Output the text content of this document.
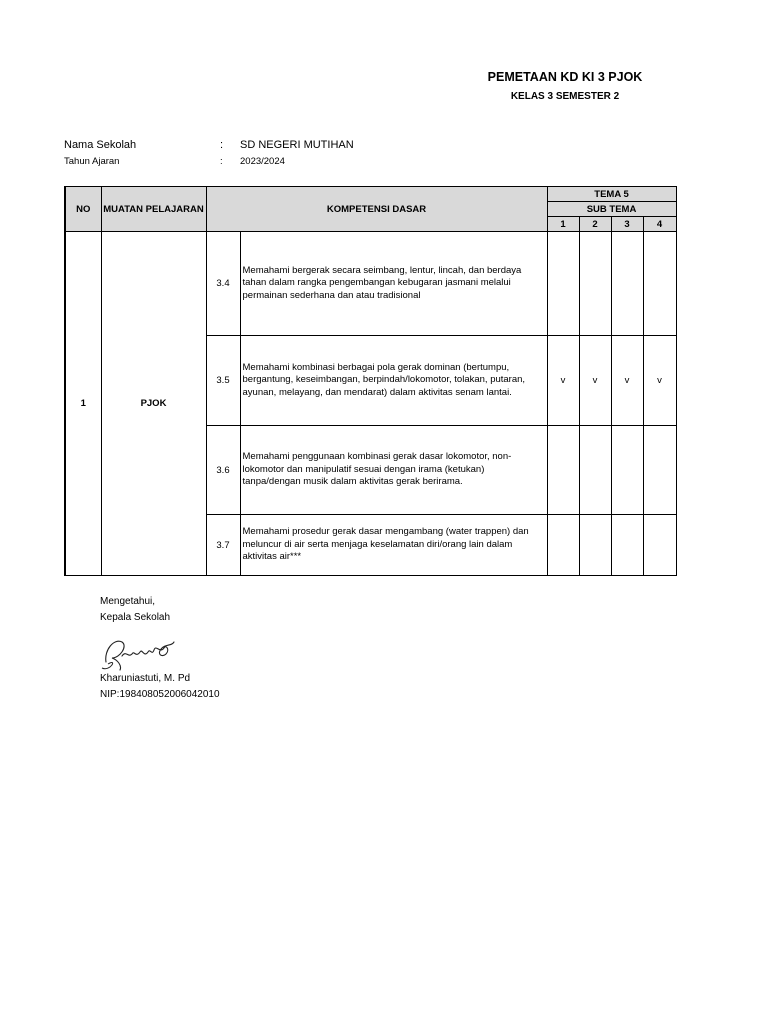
PEMETAAN KD KI 3 PJOK
KELAS 3 SEMESTER 2
Nama Sekolah	: SD NEGERI MUTIHAN
Tahun Ajaran	: 2023/2024
NO	MUATAN PELAJARAN	KOMPETENSI DASAR		TEMA 5			
				SUB TEMA			
				1	2	3	4
1	PJOK	3.4	Memahami bergerak secara seimbang, lentur, lincah, dan berdaya tahan dalam rangka pengembangan kebugaran jasmani melalui permainan sederhana dan atau tradisional				
		3.5	Memahami kombinasi berbagai pola gerak dominan (bertumpu, bergantung, keseimbangan, berpindah/lokomotor, tolakan, putaran, ayunan, melayang, dan mendarat) dalam aktivitas senam lantai.	v	v	v	v
		3.6	Memahami penggunaan kombinasi gerak dasar lokomotor, non-lokomotor dan manipulatif sesuai dengan irama (ketukan) tanpa/dengan musik dalam aktivitas gerak berirama.				
		3.7	Memahami prosedur gerak dasar mengambang (water trappen) dan meluncur di air serta menjaga keselamatan diri/orang lain dalam aktivitas air***				
Mengetahui,
Kepala Sekolah
Kharuniastuti, M. Pd
NIP:198408052006042010
